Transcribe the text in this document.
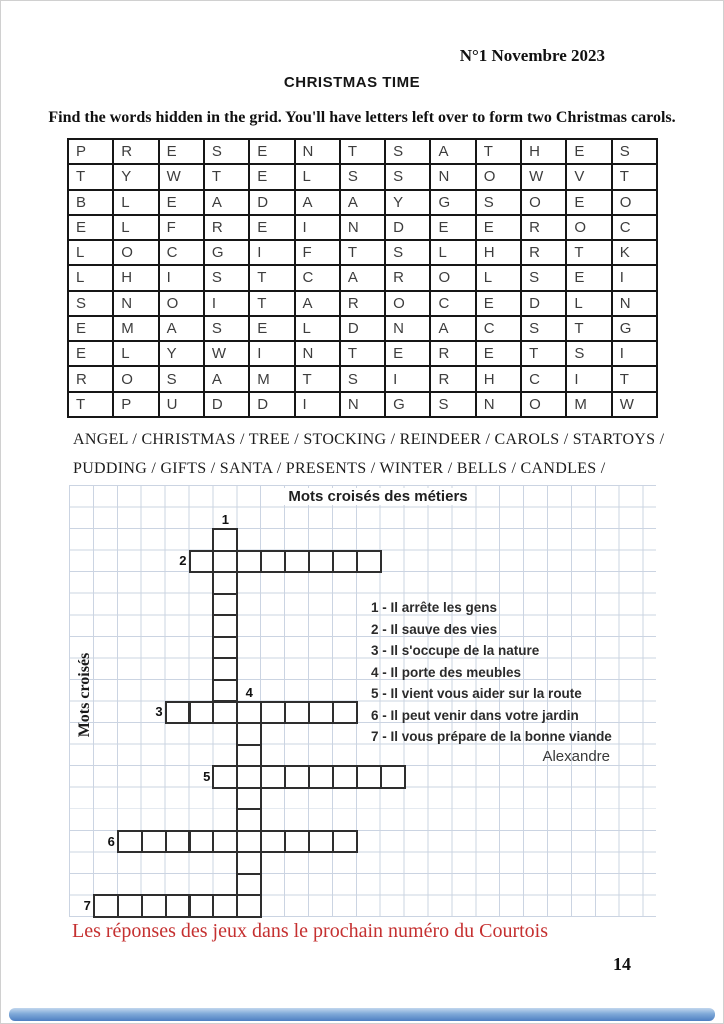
N°1 Novembre 2023
CHRISTMAS TIME
Find the words hidden in the grid. You'll have letters left over to form two Christmas carols.
P	R	E	S	E	N	T	S	A	T	H	E	S
T	Y	W	T	E	L	S	S	N	O	W	V	T
B	L	E	A	D	A	A	Y	G	S	O	E	O
E	L	F	R	E	I	N	D	E	E	R	O	C
L	O	C	G	I	F	T	S	L	H	R	T	K
L	H	I	S	T	C	A	R	O	L	S	E	I
S	N	O	I	T	A	R	O	C	E	D	L	N
E	M	A	S	E	L	D	N	A	C	S	T	G
E	L	Y	W	I	N	T	E	R	E	T	S	I
R	O	S	A	M	T	S	I	R	H	C	I	T
T	P	U	D	D	I	N	G	S	N	O	M	W
ANGEL / CHRISTMAS / TREE / STOCKING / REINDEER / CAROLS / STARTOYS /
PUDDING / GIFTS / SANTA / PRESENTS / WINTER / BELLS / CANDLES /
Mots croisés des métiers
Mots croisés
1 - Il arrête les gens
2 - Il sauve des vies
3 - Il s'occupe de la nature
4 - Il porte des meubles
5 - Il vient vous aider sur la route
6 - Il peut venir dans votre jardin
7 - Il vous prépare de la bonne viande
Alexandre
1
2
3
4
5
6
7
Les réponses des jeux dans le prochain numéro du Courtois
14
